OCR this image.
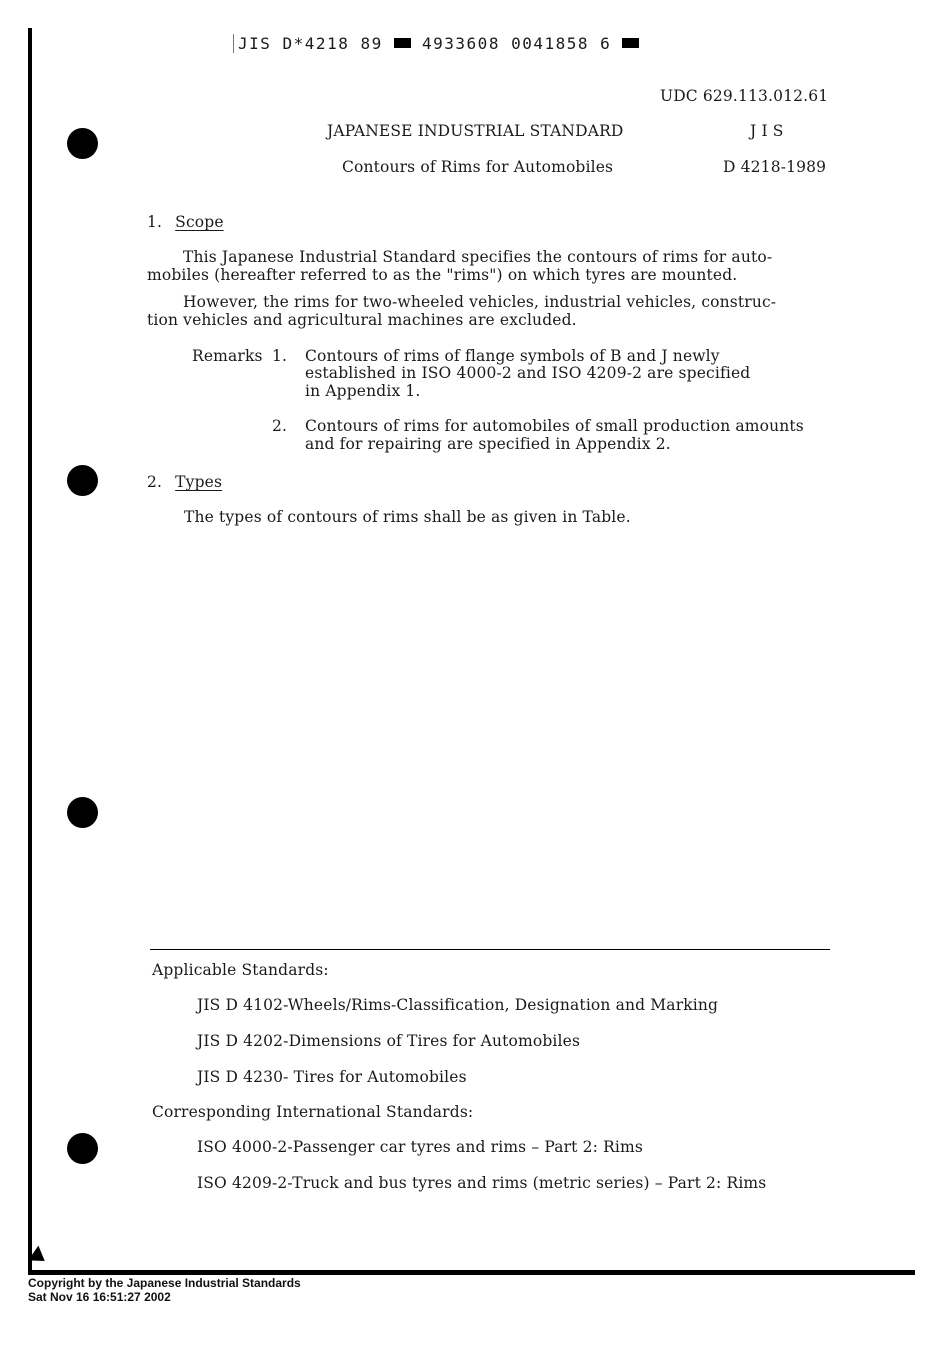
JIS D*4218 89 4933608 0041858 6
UDC 629.113.012.61
JAPANESE INDUSTRIAL STANDARD	J I S
Contours of Rims for Automobiles	D 4218-1989
1. Scope
This Japanese Industrial Standard specifies the contours of rims for auto-
mobiles (hereafter referred to as the "rims") on which tyres are mounted.
However, the rims for two-wheeled vehicles, industrial vehicles, construc-
tion vehicles and agricultural machines are excluded.
Remarks 1. Contours of rims of flange symbols of B and J newly
established in ISO 4000-2 and ISO 4209-2 are specified
in Appendix 1.
2. Contours of rims for automobiles of small production amounts
and for repairing are specified in Appendix 2.
2. Types
The types of contours of rims shall be as given in Table.
Applicable Standards:
JIS D 4102-Wheels/Rims-Classification, Designation and Marking
JIS D 4202-Dimensions of Tires for Automobiles
JIS D 4230- Tires for Automobiles
Corresponding International Standards:
ISO 4000-2-Passenger car tyres and rims – Part 2: Rims
ISO 4209-2-Truck and bus tyres and rims (metric series) – Part 2: Rims
Copyright by the Japanese Industrial Standards
Sat Nov 16 16:51:27 2002
